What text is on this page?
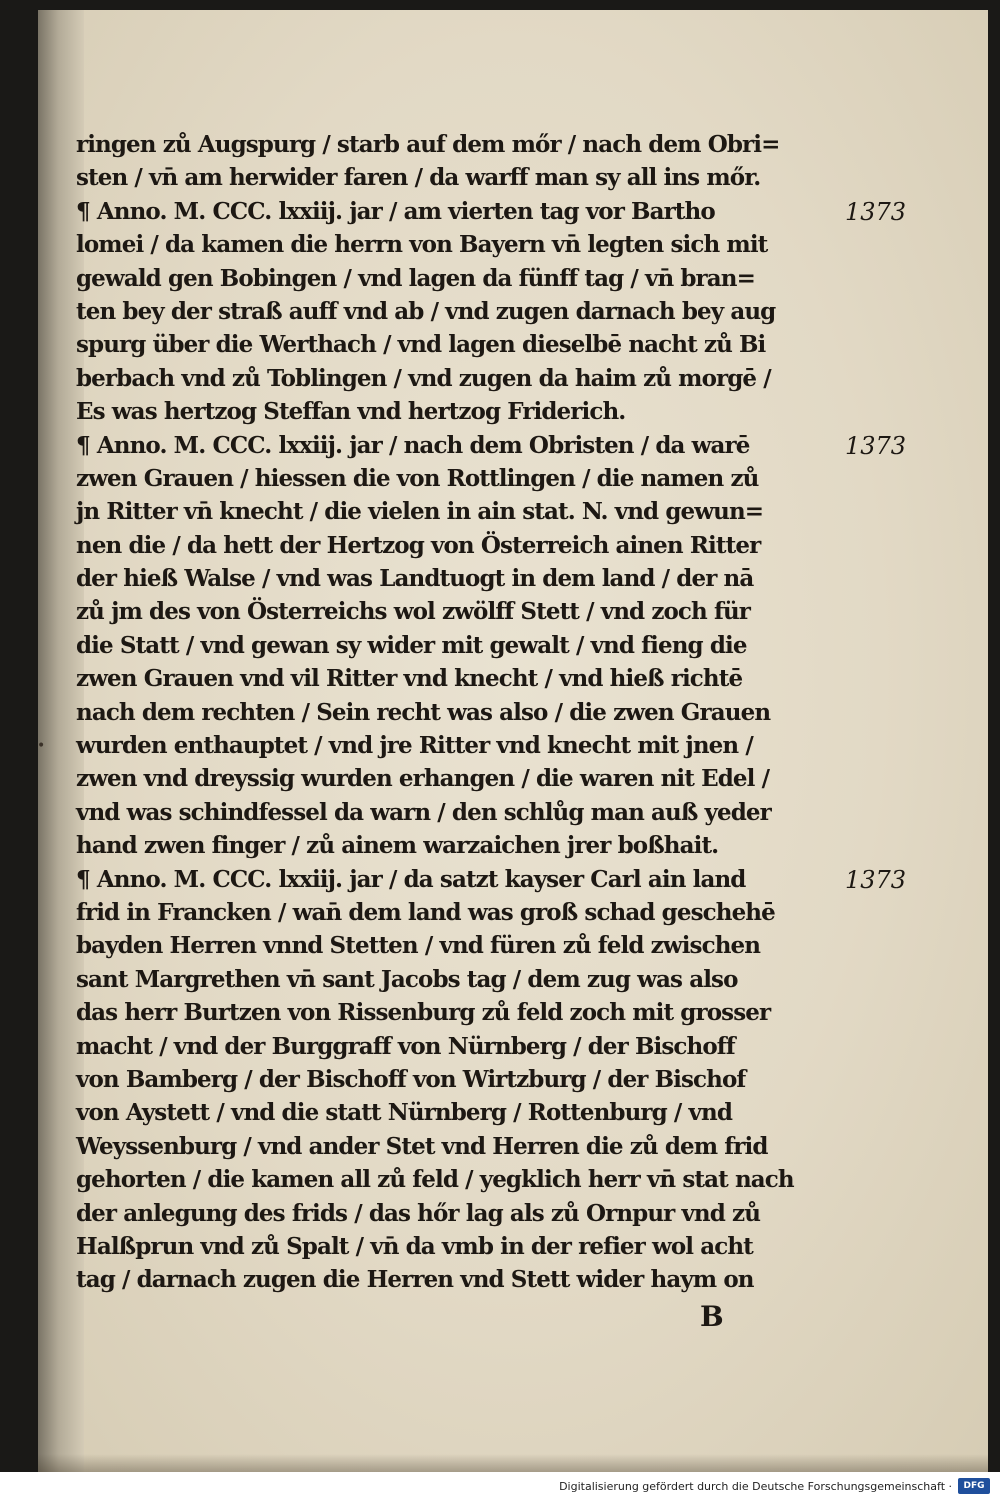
ringen zů Augspurg / starb auf dem mőr / nach dem Obri=
sten / vn̄ am herwider faren / da warff man sy all ins mőr.
¶ Anno. M. CCC. lxxiij. jar / am vierten tag vor Bartho
lomei / da kamen die herrn von Bayern vn̄ legten sich mit
gewald gen Bobingen / vnd lagen da fünff tag / vn̄ bran=
ten bey der straß auff vnd ab / vnd zugen darnach bey aug
spurg über die Werthach / vnd lagen dieselbē nacht zů Bi
berbach vnd zů Toblingen / vnd zugen da haim zů morgē /
Es was hertzog Steffan vnd hertzog Friderich.
¶ Anno. M. CCC. lxxiij. jar / nach dem Obristen / da warē
zwen Grauen / hiessen die von Rottlingen / die namen zů
jn Ritter vn̄ knecht / die vielen in ain stat. N. vnd gewun=
nen die / da hett der Hertzog von Österreich ainen Ritter
der hieß Walse / vnd was Landtuogt in dem land / der nā
zů jm des von Österreichs wol zwölff Stett / vnd zoch für
die Statt / vnd gewan sy wider mit gewalt / vnd fieng die
zwen Grauen vnd vil Ritter vnd knecht / vnd hieß richtē
nach dem rechten / Sein recht was also / die zwen Grauen
wurden enthauptet / vnd jre Ritter vnd knecht mit jnen /
zwen vnd dreyssig wurden erhangen / die waren nit Edel /
vnd was schindfessel da warn / den schlůg man auß yeder
hand zwen finger / zů ainem warzaichen jrer boßhait.
¶ Anno. M. CCC. lxxiij. jar / da satzt kayser Carl ain land
frid in Francken / wan̄ dem land was groß schad geschehē
bayden Herren vnnd Stetten / vnd füren zů feld zwischen
sant Margrethen vn̄ sant Jacobs tag / dem zug was also
das herr Burtzen von Rissenburg zů feld zoch mit grosser
macht / vnd der Burggraff von Nürnberg / der Bischoff
von Bamberg / der Bischoff von Wirtzburg / der Bischof
von Aystett / vnd die statt Nürnberg / Rottenburg / vnd
Weyssenburg / vnd ander Stet vnd Herren die zů dem frid
gehorten / die kamen all zů feld / yegklich herr vn̄ stat nach
der anlegung des frids / das hőr lag als zů Ornpur vnd zů
Halßprun vnd zů Spalt / vn̄ da vmb in der refier wol acht
tag / darnach zugen die Herren vnd Stett wider haym on
1373
1373
1373
•
B
Digitalisierung gefördert durch die Deutsche Forschungsgemeinschaft ·	DFG
